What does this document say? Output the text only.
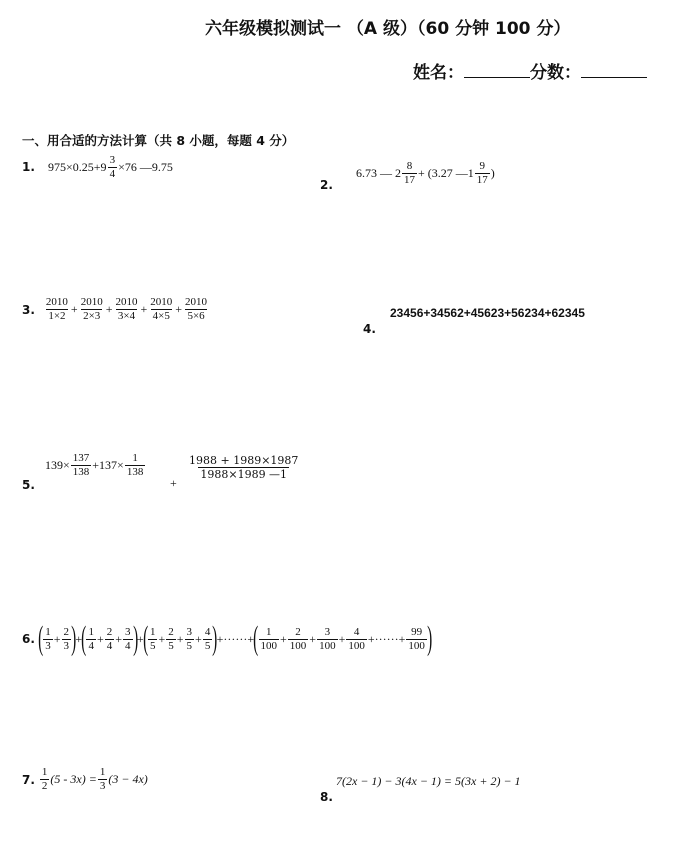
六年级模拟测试一 （A 级）（60 分钟 100 分）
姓名：	分数：
一、用合适的方法计算（共 8 小题，每题 4 分）
1. $975\times 0.25+9 \frac{3}{4} \times 76$ —9.75
$_{2.}$
6.73 — $2 \frac{8}{17} + (3.27$ —1 $\frac{9}{17}$ )
3. $\frac{2010}{1\times 2} + \frac{2010}{2\times 3} + \frac{2010}{3\times 4} + \frac{2010}{4\times 5} + \frac{2010}{5\times 6}$
4.
23456+34562+45623+56234+62345
5.
$139\times \frac{137}{138} +137\times \frac{1}{138}$
+
$\frac{1988 + 1989\times 1987}{1988\times 1989 —1}$
6. ( $\frac{1}{3} + \frac{2}{3}$ ) + ( $\frac{1}{4} + \frac{2}{4} + \frac{3}{4}$ ) + ( $\frac{1}{5} + \frac{2}{5} + \frac{3}{5} + \frac{4}{5}$ ) + ······ + ( $\frac{1}{100} + \frac{2}{100} + \frac{3}{100} + \frac{4}{100}$ + ······ + $\frac{99}{100}$ )
7. $\frac{1}{2} (5 - 3x) = \frac{1}{3} (3 - 4x)$
8.
7(2x − 1) − 3(4x − 1) = 5(3x + 2) − 1
